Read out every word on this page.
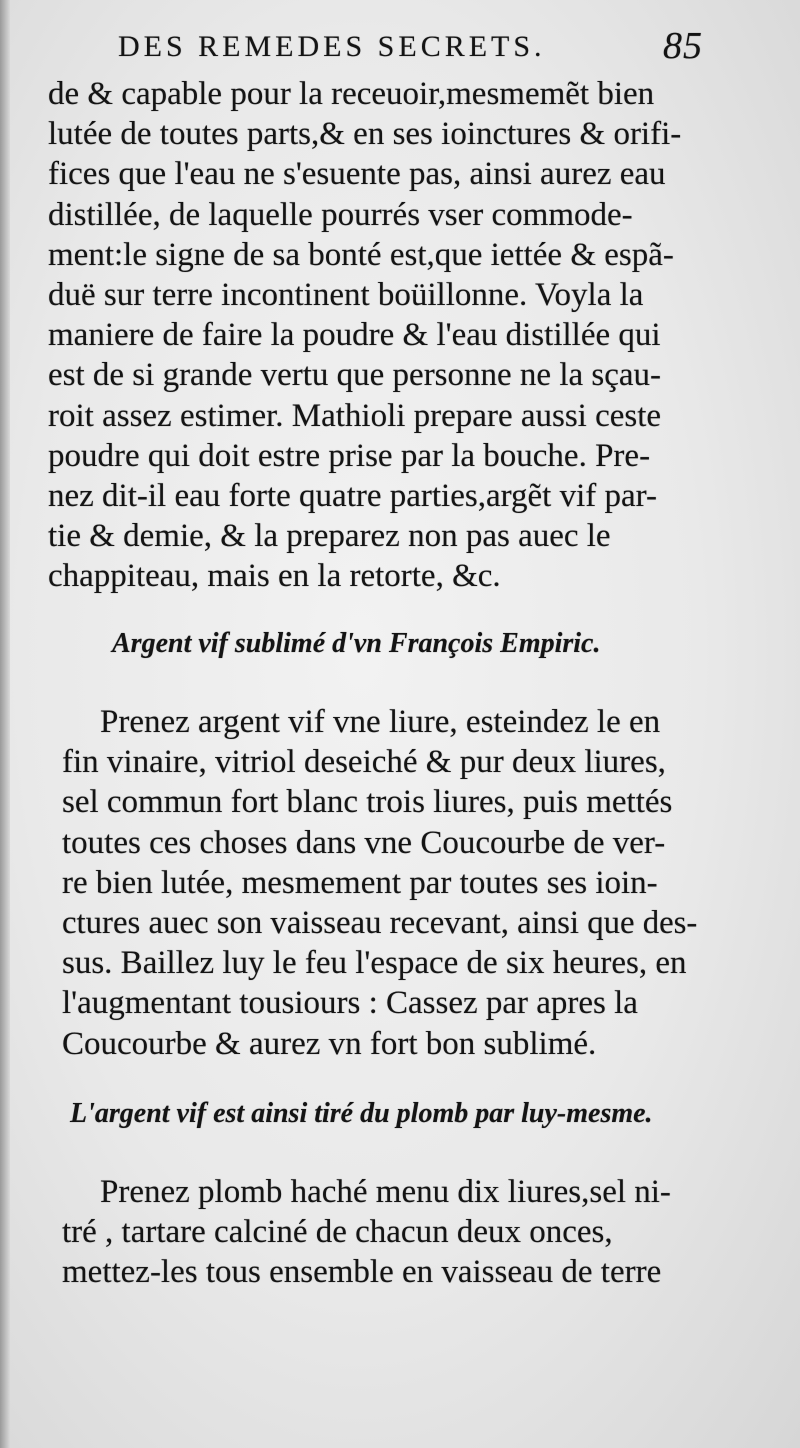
DES REMEDES SECRETS.	85
de & capable pour la receuoir,mesmemẽt bien
lutée de toutes parts,& en ses ioinctures & orifi-
fices que l'eau ne s'esuente pas, ainsi aurez eau
distillée, de laquelle pourrés vser commode-
ment:le signe de sa bonté est,que iettée & espã-
duë sur terre incontinent boüillonne. Voyla la
maniere de faire la poudre & l'eau distillée qui
est de si grande vertu que personne ne la sçau-
roit assez estimer. Mathioli prepare aussi ceste
poudre qui doit estre prise par la bouche. Pre-
nez dit-il eau forte quatre parties,argẽt vif par-
tie & demie, & la preparez non pas auec le
chappiteau, mais en la retorte, &c.
Argent vif sublimé d'vn François Empiric.
Prenez argent vif vne liure, esteindez le en
fin vinaire, vitriol deseiché & pur deux liures,
sel commun fort blanc trois liures, puis mettés
toutes ces choses dans vne Coucourbe de ver-
re bien lutée, mesmement par toutes ses ioin-
ctures auec son vaisseau recevant, ainsi que des-
sus. Baillez luy le feu l'espace de six heures, en
l'augmentant tousiours : Cassez par apres la
Coucourbe & aurez vn fort bon sublimé.
L'argent vif est ainsi tiré du plomb par luy-mesme.
Prenez plomb haché menu dix liures,sel ni-
tré , tartare calciné de chacun deux onces,
mettez-les tous ensemble en vaisseau de terre
